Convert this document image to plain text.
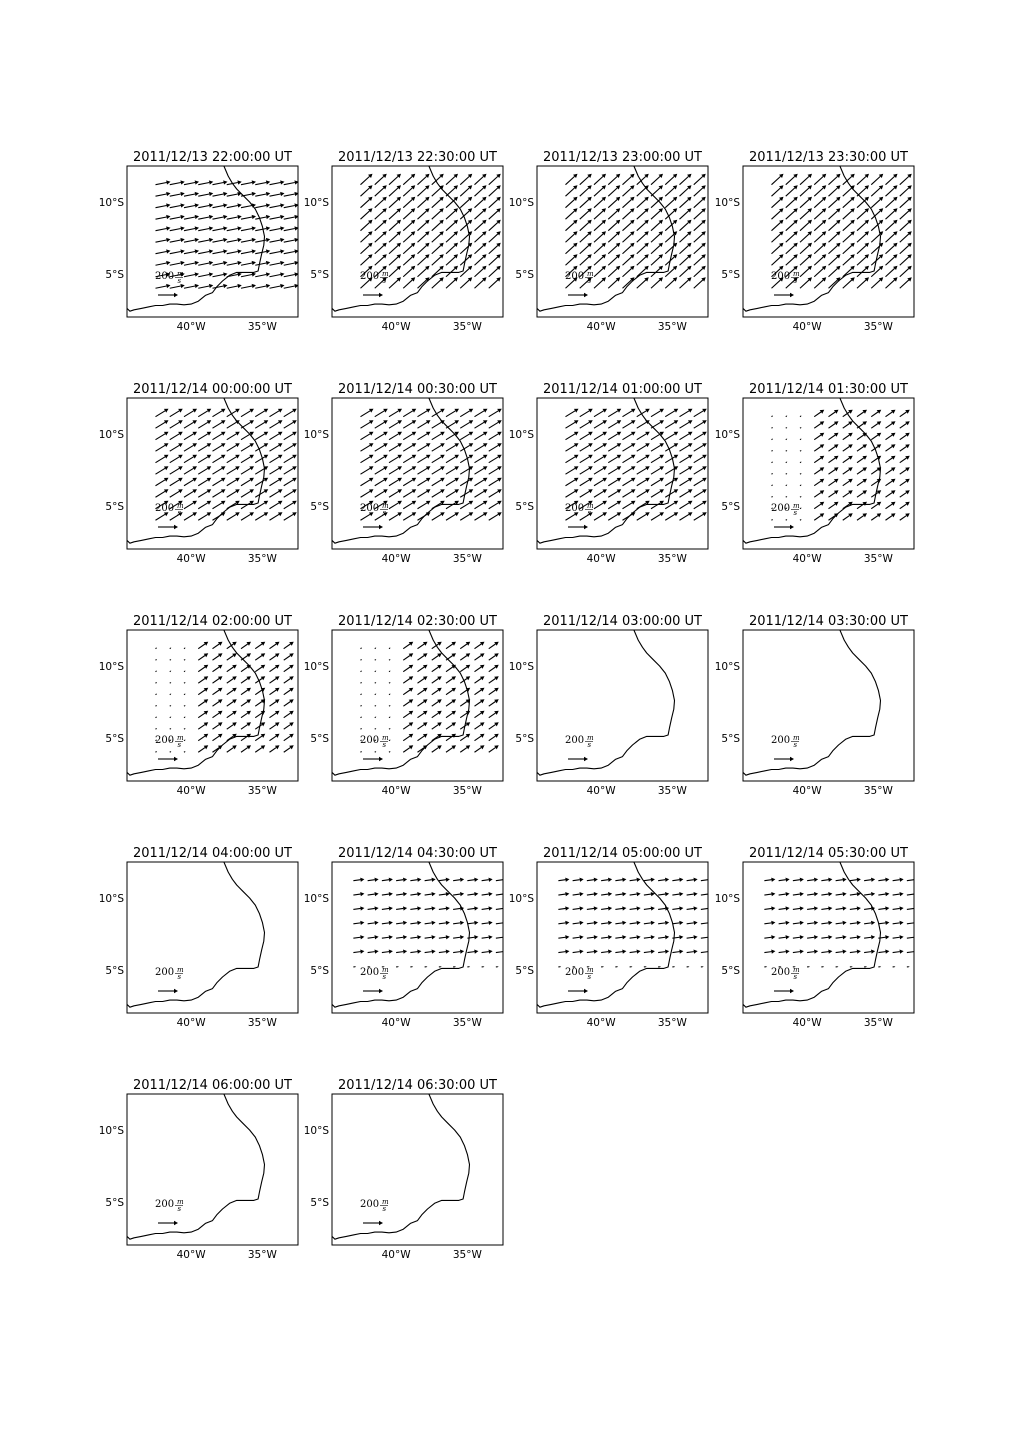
2011/12/13 22:00:00 UT
200 m
s
40°W	35°W
5°S
10°S
2011/12/13 22:30:00 UT
200 m
s
40°W	35°W
5°S
10°S
2011/12/13 23:00:00 UT
200 m
s
40°W	35°W
5°S
10°S
2011/12/13 23:30:00 UT
200 m
s
40°W	35°W
5°S
10°S
2011/12/14 00:00:00 UT
200 m
s
40°W	35°W
5°S
10°S
2011/12/14 00:30:00 UT
200 m
s
40°W	35°W
5°S
10°S
2011/12/14 01:00:00 UT
200 m
s
40°W	35°W
5°S
10°S
2011/12/14 01:30:00 UT
200 m
s
40°W	35°W
5°S
10°S
2011/12/14 02:00:00 UT
200 m
s
40°W	35°W
5°S
10°S
2011/12/14 02:30:00 UT
200 m
s
40°W	35°W
5°S
10°S
2011/12/14 03:00:00 UT
200 m
s
40°W	35°W
5°S
10°S
2011/12/14 03:30:00 UT
200 m
s
40°W	35°W
5°S
10°S
2011/12/14 04:00:00 UT
200 m
s
40°W	35°W
5°S
10°S
2011/12/14 04:30:00 UT
200 m
s
40°W	35°W
5°S
10°S
2011/12/14 05:00:00 UT
200 m
s
40°W	35°W
5°S
10°S
2011/12/14 05:30:00 UT
200 m
s
40°W	35°W
5°S
10°S
2011/12/14 06:00:00 UT
200 m
s
40°W	35°W
5°S
10°S
2011/12/14 06:30:00 UT
200 m
s
40°W	35°W
5°S
10°S
